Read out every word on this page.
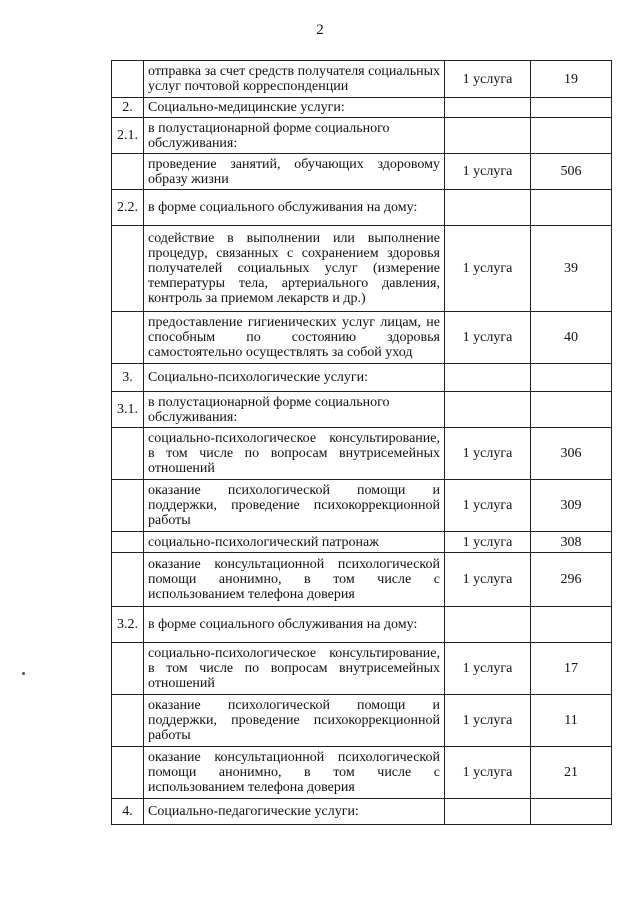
2
	отправка за счет средств получателя социальных услуг почтовой корреспонденции	1 услуга	19
2.	Социально-медицинские услуги:		
2.1.	в полустационарной форме социального обслуживания:		
	проведение занятий, обучающих здоровому образу жизни	1 услуга	506
2.2.	в форме социального обслуживания на дому:		
	содействие в выполнении или выполнение процедур, связанных с сохранением здоровья получателей социальных услуг (измерение температуры тела, артериального давления, контроль за приемом лекарств и др.)	1 услуга	39
	предоставление гигиенических услуг лицам, не способным по состоянию здоровья самостоятельно осуществлять за собой уход	1 услуга	40
3.	Социально-психологические услуги:		
3.1.	в полустационарной форме социального обслуживания:		
	социально-психологическое консультирование, в том числе по вопросам внутрисемейных отношений	1 услуга	306
	оказание психологической помощи и поддержки, проведение психокоррекционной работы	1 услуга	309
	социально-психологический патронаж	1 услуга	308
	оказание консультационной психологической помощи анонимно, в том числе с использованием телефона доверия	1 услуга	296
3.2.	в форме социального обслуживания на дому:		
	социально-психологическое консультирование, в том числе по вопросам внутрисемейных отношений	1 услуга	17
	оказание психологической помощи и поддержки, проведение психокоррекционной работы	1 услуга	11
	оказание консультационной психологической помощи анонимно, в том числе с использованием телефона доверия	1 услуга	21
4.	Социально-педагогические услуги:		
